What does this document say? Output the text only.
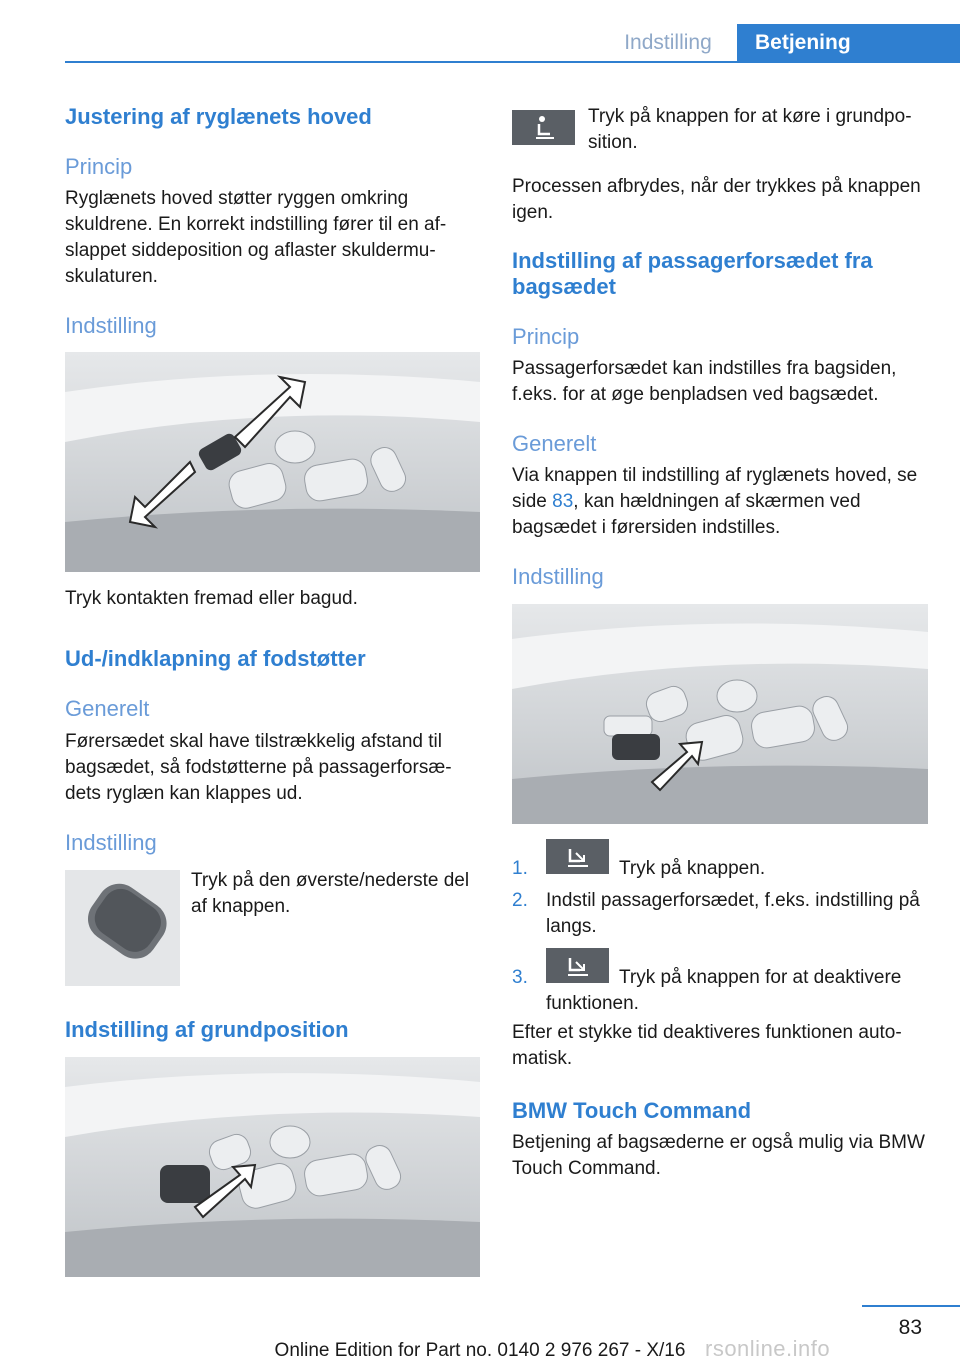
Indstilling	Betjening
Justering af ryglænets hoved
Princip
Ryglænets hoved støtter ryggen omkring skuldrene. En korrekt indstilling fører til en afslappet siddeposition og aflaster skuldermuskulaturen.
Indstilling
Tryk kontakten fremad eller bagud.
Ud-/indklapning af fodstøtter
Generelt
Førersædet skal have tilstrækkelig afstand til bagsædet, så fodstøtterne på passagerforsædets ryglæn kan klappes ud.
Indstilling
Tryk på den øverste/nederste del af knappen.
Indstilling af grundposition
Tryk på knappen for at køre i grundposition.
Processen afbrydes, når der trykkes på knappen igen.
Indstilling af passagerforsædet fra bagsædet
Princip
Passagerforsædet kan indstilles fra bagsiden, f.eks. for at øge benpladsen ved bagsædet.
Generelt
Via knappen til indstilling af ryglænets hoved, se side 83, kan hældningen af skærmen ved bagsædet i førersiden indstilles.
Indstilling
1.	Tryk på knappen.
2. Indstil passagerforsædet, f.eks. indstilling på langs.
3.	Tryk på knappen for at deaktivere funktionen.
Efter et stykke tid deaktiveres funktionen automatisk.
BMW Touch Command
Betjening af bagsæderne er også mulig via BMW Touch Command.
83
rsonline.info
Online Edition for Part no. 0140 2 976 267 - X/16
